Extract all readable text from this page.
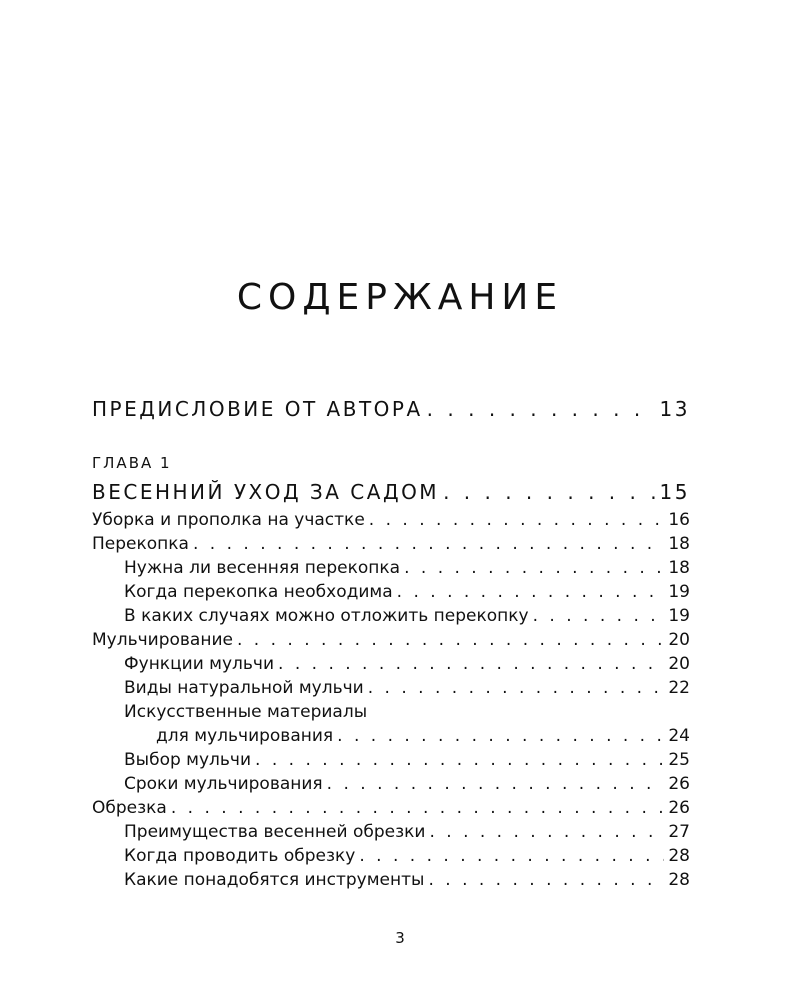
СОДЕРЖАНИЕ
ПРЕДИСЛОВИЕ ОТ АВТОРА . . .	13
ГЛАВА 1
ВЕСЕННИЙ УХОД ЗА САДОМ . . .	15
Уборка и прополка на участке . . .	16
Перекопка . . .	18
Нужна ли весенняя перекопка . . .	18
Когда перекопка необходима . . .	19
В каких случаях можно отложить перекопку . . .	19
Мульчирование . . .	20
Функции мульчи . . .	20
Виды натуральной мульчи . . .	22
Искусственные материалы
для мульчирования . . .	24
Выбор мульчи . . .	25
Сроки мульчирования . . .	26
Обрезка . . .	26
Преимущества весенней обрезки . . .	27
Когда проводить обрезку . . .	28
Какие понадобятся инструменты . . .	28
3
